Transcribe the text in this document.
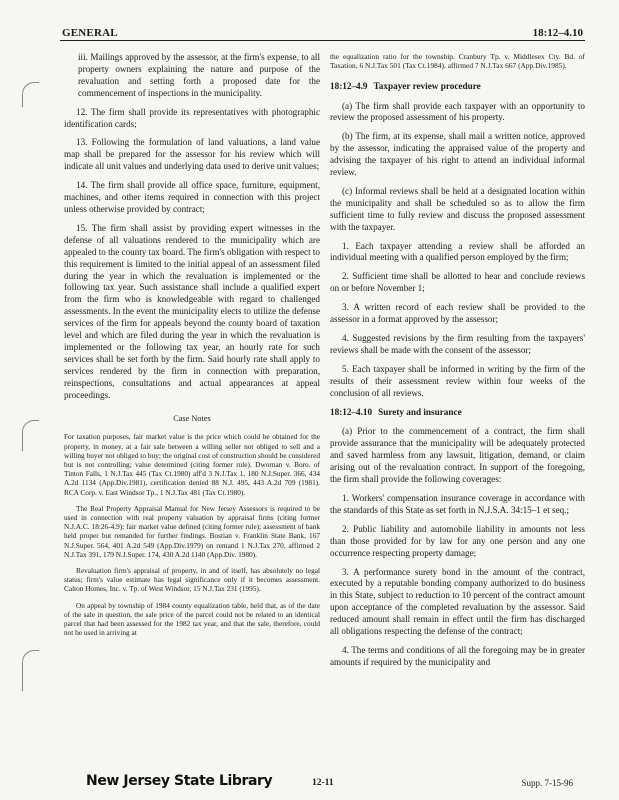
GENERAL	18:12–4.10

iii. Mailings approved by the assessor, at the firm's expense, to all property owners explaining the nature and purpose of the revaluation and setting forth a proposed date for the commencement of inspections in the municipality.

12. The firm shall provide its representatives with photographic identification cards;

13. Following the formulation of land valuations, a land value map shall be prepared for the assessor for his review which will indicate all unit values and underlying data used to derive unit values;

14. The firm shall provide all office space, furniture, equipment, machines, and other items required in connection with this project unless otherwise provided by contract;

15. The firm shall assist by providing expert witnesses in the defense of all valuations rendered to the municipality which are appealed to the county tax board. The firm's obligation with respect to this requirement is limited to the initial appeal of an assessment filed during the year in which the revaluation is implemented or the following tax year. Such assistance shall include a qualified expert from the firm who is knowledgeable with regard to challenged assessments. In the event the municipality elects to utilize the defense services of the firm for appeals beyond the county board of taxation level and which are filed during the year in which the revaluation is implemented or the following tax year, an hourly rate for such services shall be set forth by the firm. Said hourly rate shall apply to services rendered by the firm in connection with preparation, reinspections, consultations and actual appearances at appeal proceedings.

Case Notes

For taxation purposes, fair market value is the price which could be obtained for the property, in money, at a fair sale between a willing seller not obliged to sell and a willing buyer not obliged to buy; the original cost of construction should be considered but is not controlling; value determined (citing former rule). Dwornan v. Boro. of Tinton Falls, 1 N.J.Tax 445 (Tax Ct.1980) aff'd 3 N.J.Tax 1, 180 N.J.Super. 366, 434 A.2d 1134 (App.Div.1981), certification denied 88 N.J. 495, 443 A.2d 709 (1981). RCA Corp. v. East Windsor Tp., 1 N.J.Tax 481 (Tax Ct.1980).

The Real Property Appraisal Manual for New Jersey Assessors is required to be used in connection with real property valuation by appraisal firms (citing former N.J.A.C. 18:26-4.9); fair market value defined (citing former rule); assessment of bank held proper but remanded for further findings. Bostian v. Franklin State Bank, 167 N.J.Super. 564, 401 A.2d 549 (App.Div.1979) on remand 1 N.J.Tax 270, affirmed 2 N.J.Tax 391, 179 N.J.Super. 174, 430 A.2d 1140 (App.Div. 1980).

Revaluation firm's appraisal of property, in and of itself, has absolutely no legal status; firm's value estimate has legal significance only if it becomes assessment. Calton Homes, Inc. v. Tp. of West Windsor, 15 N.J.Tax 231 (1995).

On appeal by township of 1984 county equalization table, held that, as of the date of the sale in question, the sale price of the parcel could not be related to an identical parcel that had been assessed for the 1982 tax year, and that the sale, therefore, could not be used in arriving at

the equalization ratio for the township. Cranbury Tp. v. Middlesex Cty. Bd. of Taxation, 6 N.J.Tax 501 (Tax Ct.1984), affirmed 7 N.J.Tax 667 (App.Div.1985).

18:12–4.9 Taxpayer review procedure

(a) The firm shall provide each taxpayer with an opportunity to review the proposed assessment of his property.

(b) The firm, at its expense, shall mail a written notice, approved by the assessor, indicating the appraised value of the property and advising the taxpayer of his right to attend an individual informal review.

(c) Informal reviews shall be held at a designated location within the municipality and shall be scheduled so as to allow the firm sufficient time to fully review and discuss the proposed assessment with the taxpayer.

1. Each taxpayer attending a review shall be afforded an individual meeting with a qualified person employed by the firm;

2. Sufficient time shall be allotted to hear and conclude reviews on or before November 1;

3. A written record of each review shall be provided to the assessor in a format approved by the assessor;

4. Suggested revisions by the firm resulting from the taxpayers' reviews shall be made with the consent of the assessor;

5. Each taxpayer shall be informed in writing by the firm of the results of their assessment review within four weeks of the conclusion of all reviews.

18:12–4.10 Surety and insurance

(a) Prior to the commencement of a contract, the firm shall provide assurance that the municipality will be adequately protected and saved harmless from any lawsuit, litigation, demand, or claim arising out of the revaluation contract. In support of the foregoing, the firm shall provide the following coverages:

1. Workers' compensation insurance coverage in accordance with the standards of this State as set forth in N.J.S.A. 34:15–1 et seq.;

2. Public liability and automobile liability in amounts not less than those provided for by law for any one person and any one occurrence respecting property damage;

3. A performance surety bond in the amount of the contract, executed by a reputable bonding company authorized to do business in this State, subject to reduction to 10 percent of the contract amount upon acceptance of the completed revaluation by the assessor. Said reduced amount shall remain in effect until the firm has discharged all obligations respecting the defense of the contract;

4. The terms and conditions of all the foregoing may be in greater amounts if required by the municipality and

New Jersey State Library	12-11	Supp. 7-15-96
